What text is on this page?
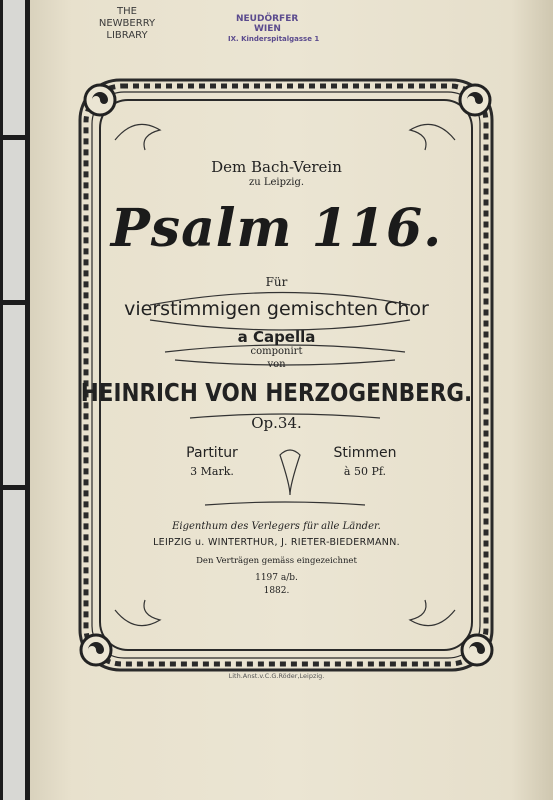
THE
NEWBERRY
LIBRARY
NEUDÖRFER
WIEN
IX. Kinderspitalgasse 1
Dem Bach-Verein
zu Leipzig.
Psalm 116.
Für
vierstimmigen gemischten Chor
a Capella
componirt
von
HEINRICH VON HERZOGENBERG.
Op.34.
Partitur
3 Mark.
Stimmen
à 50 Pf.
Eigenthum des Verlegers für alle Länder.
LEIPZIG u. WINTERTHUR, J. RIETER-BIEDERMANN.
Den Verträgen gemäss eingezeichnet
1197 a/b.
1882.
Lith.Anst.v.C.G.Röder,Leipzig.
